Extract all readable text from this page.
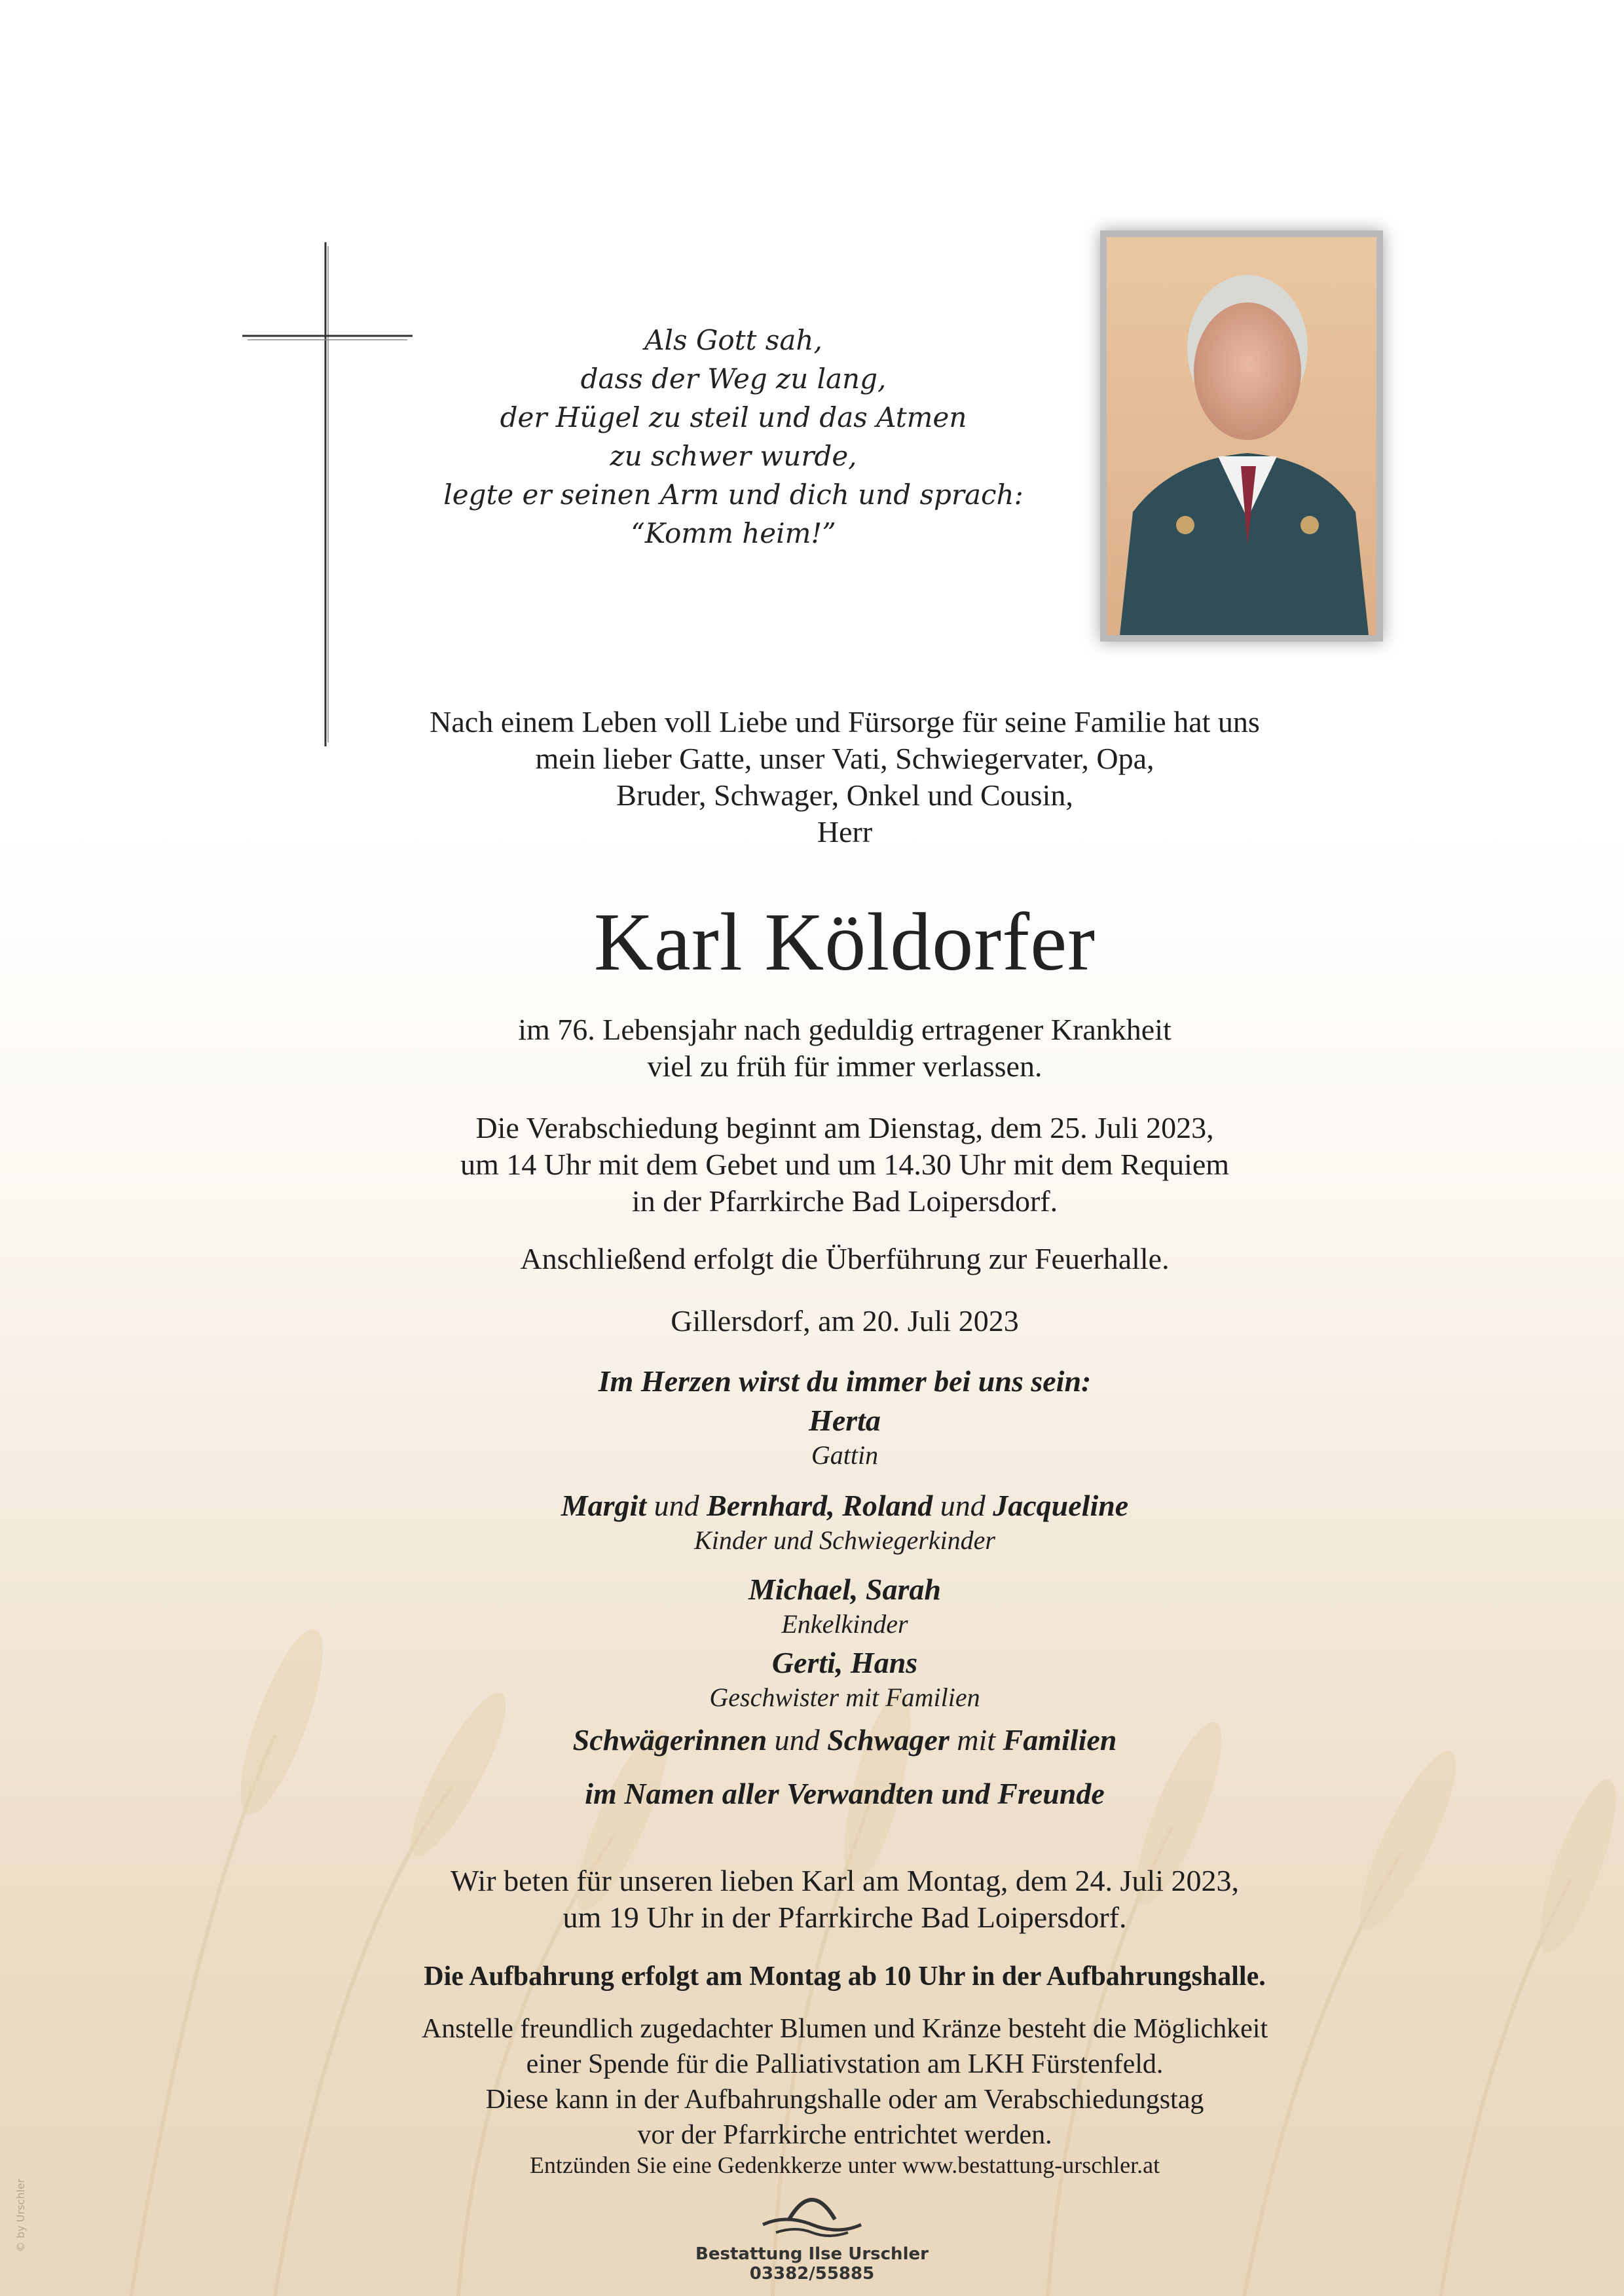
Als Gott sah,
dass der Weg zu lang,
der Hügel zu steil und das Atmen
zu schwer wurde,
legte er seinen Arm und dich und sprach:
“Komm heim!”
Nach einem Leben voll Liebe und Fürsorge für seine Familie hat uns
mein lieber Gatte, unser Vati, Schwiegervater, Opa,
Bruder, Schwager, Onkel und Cousin,
Herr
Karl Köldorfer
im 76. Lebensjahr nach geduldig ertragener Krankheit
viel zu früh für immer verlassen.
Die Verabschiedung beginnt am Dienstag, dem 25. Juli 2023,
um 14 Uhr mit dem Gebet und um 14.30 Uhr mit dem Requiem
in der Pfarrkirche Bad Loipersdorf.
Anschließend erfolgt die Überführung zur Feuerhalle.
Gillersdorf, am 20. Juli 2023
Im Herzen wirst du immer bei uns sein:
Herta
Gattin
Margit und Bernhard, Roland und Jacqueline
Kinder und Schwiegerkinder
Michael, Sarah
Enkelkinder
Gerti, Hans
Geschwister mit Familien
Schwägerinnen und Schwager mit Familien
im Namen aller Verwandten und Freunde
Wir beten für unseren lieben Karl am Montag, dem 24. Juli 2023,
um 19 Uhr in der Pfarrkirche Bad Loipersdorf.
Die Aufbahrung erfolgt am Montag ab 10 Uhr in der Aufbahrungshalle.
Anstelle freundlich zugedachter Blumen und Kränze besteht die Möglichkeit
einer Spende für die Palliativstation am LKH Fürstenfeld.
Diese kann in der Aufbahrungshalle oder am Verabschiedungstag
vor der Pfarrkirche entrichtet werden.
Entzünden Sie eine Gedenkkerze unter www.bestattung-urschler.at
Bestattung Ilse Urschler
03382/55885
© by Urschler
